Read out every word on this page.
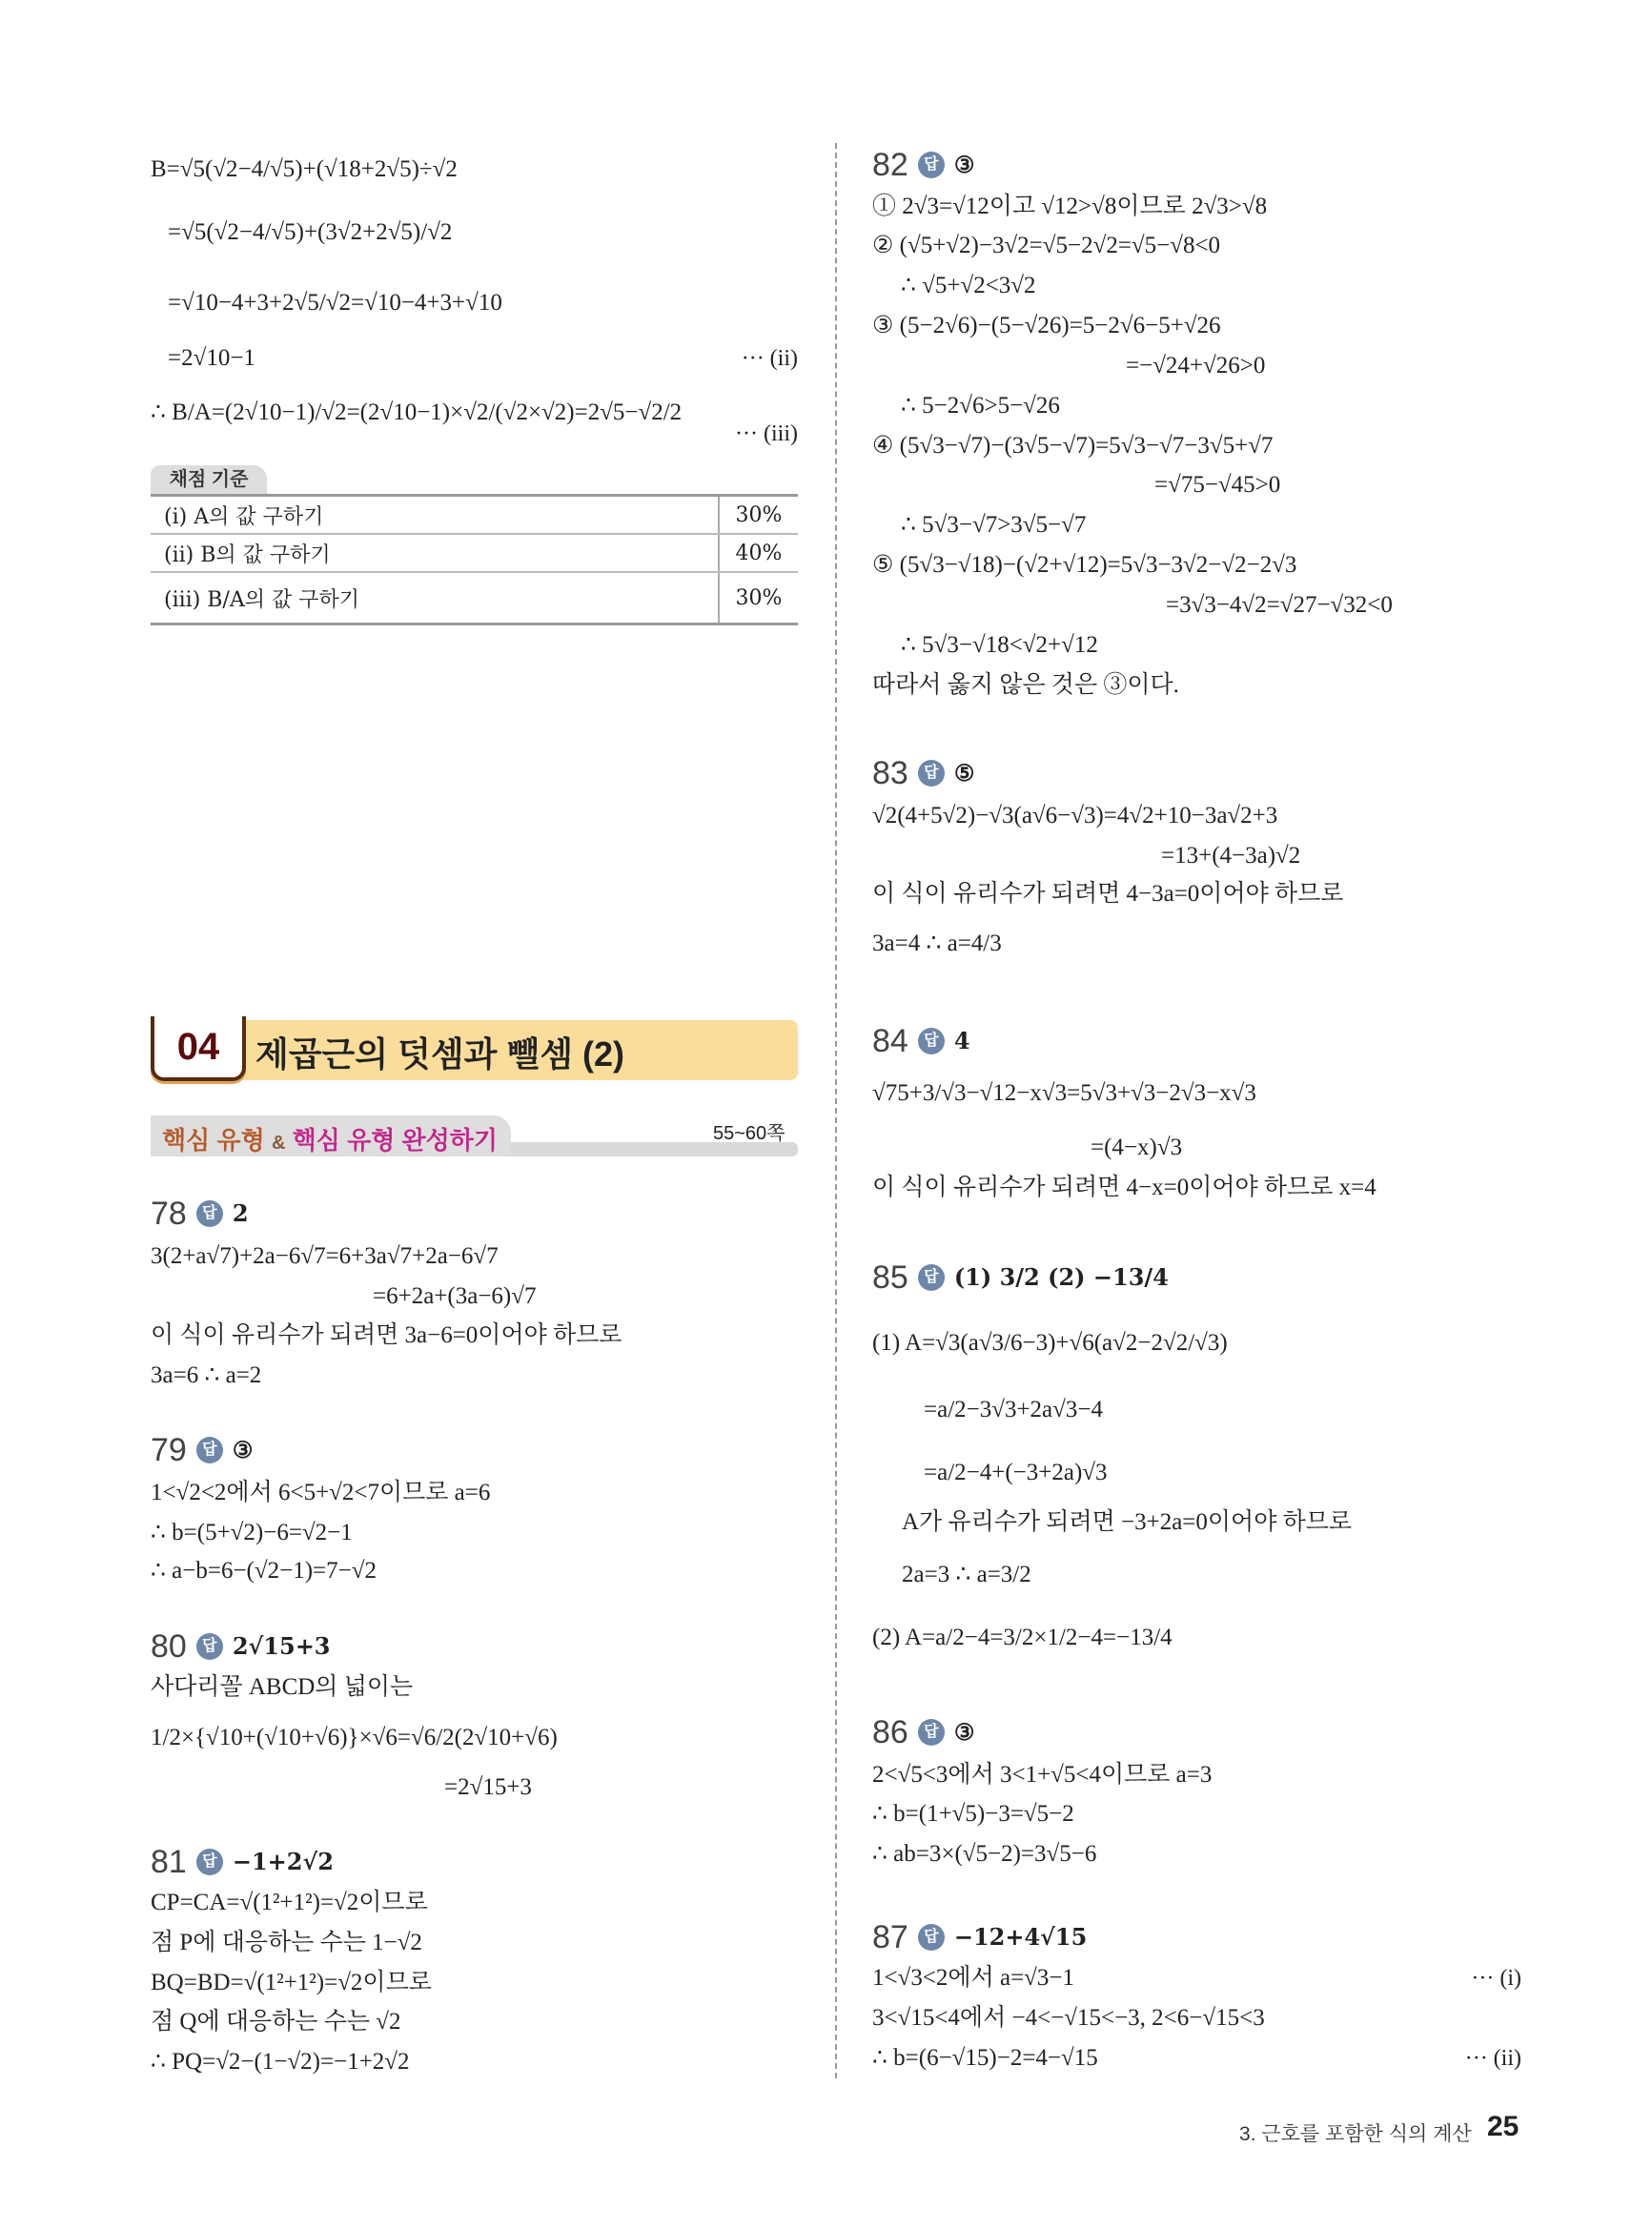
채점 기준
(i) A의 값 구하기	30%
(ii) B의 값 구하기	40%
(iii) B/A의 값 구하기	30%
04	제곱근의 덧셈과 뺄셈 (2)
핵심 유형 & 핵심 유형 완성하기	55~60쪽
3. 근호를 포함한 식의 계산 25
B=√5(√2−4/√5)+(√18+2√5)÷√2
=√5(√2−4/√5)+(3√2+2√5)/√2
=√10−4+3+2√5/√2=√10−4+3+√10
=2√10−1	··· (ii)
∴ B/A=(2√10−1)/√2=(2√10−1)×√2/(√2×√2)=2√5−√2/2
··· (iii)
78	답 2
3(2+a√7)+2a−6√7=6+3a√7+2a−6√7
=6+2a+(3a−6)√7
이 식이 유리수가 되려면 3a−6=0이어야 하므로
3a=6 ∴ a=2
79	답 ③
1<√2<2에서 6<5+√2<7이므로 a=6
∴ b=(5+√2)−6=√2−1
∴ a−b=6−(√2−1)=7−√2
80	답 2√15+3
사다리꼴 ABCD의 넓이는
1/2×{√10+(√10+√6)}×√6=√6/2(2√10+√6)
=2√15+3
81	답 −1+2√2
CP=CA=√(1²+1²)=√2이므로
점 P에 대응하는 수는 1−√2
BQ=BD=√(1²+1²)=√2이므로
점 Q에 대응하는 수는 √2
∴ PQ=√2−(1−√2)=−1+2√2
82	답 ③
① 2√3=√12이고 √12>√8이므로 2√3>√8
② (√5+√2)−3√2=√5−2√2=√5−√8<0
∴ √5+√2<3√2
③ (5−2√6)−(5−√26)=5−2√6−5+√26
=−√24+√26>0
∴ 5−2√6>5−√26
④ (5√3−√7)−(3√5−√7)=5√3−√7−3√5+√7
=√75−√45>0
∴ 5√3−√7>3√5−√7
⑤ (5√3−√18)−(√2+√12)=5√3−3√2−√2−2√3
=3√3−4√2=√27−√32<0
∴ 5√3−√18<√2+√12
따라서 옳지 않은 것은 ③이다.
83	답 ⑤
√2(4+5√2)−√3(a√6−√3)=4√2+10−3a√2+3
=13+(4−3a)√2
이 식이 유리수가 되려면 4−3a=0이어야 하므로
3a=4 ∴ a=4/3
84	답 4
√75+3/√3−√12−x√3=5√3+√3−2√3−x√3
=(4−x)√3
이 식이 유리수가 되려면 4−x=0이어야 하므로 x=4
85	답 (1) 3/2 (2) −13/4
(1) A=√3(a√3/6−3)+√6(a√2−2√2/√3)
=a/2−3√3+2a√3−4
=a/2−4+(−3+2a)√3
A가 유리수가 되려면 −3+2a=0이어야 하므로
2a=3 ∴ a=3/2
(2) A=a/2−4=3/2×1/2−4=−13/4
86	답 ③
2<√5<3에서 3<1+√5<4이므로 a=3
∴ b=(1+√5)−3=√5−2
∴ ab=3×(√5−2)=3√5−6
87	답 −12+4√15
1<√3<2에서 a=√3−1	··· (i)
3<√15<4에서 −4<−√15<−3, 2<6−√15<3
∴ b=(6−√15)−2=4−√15	··· (ii)
